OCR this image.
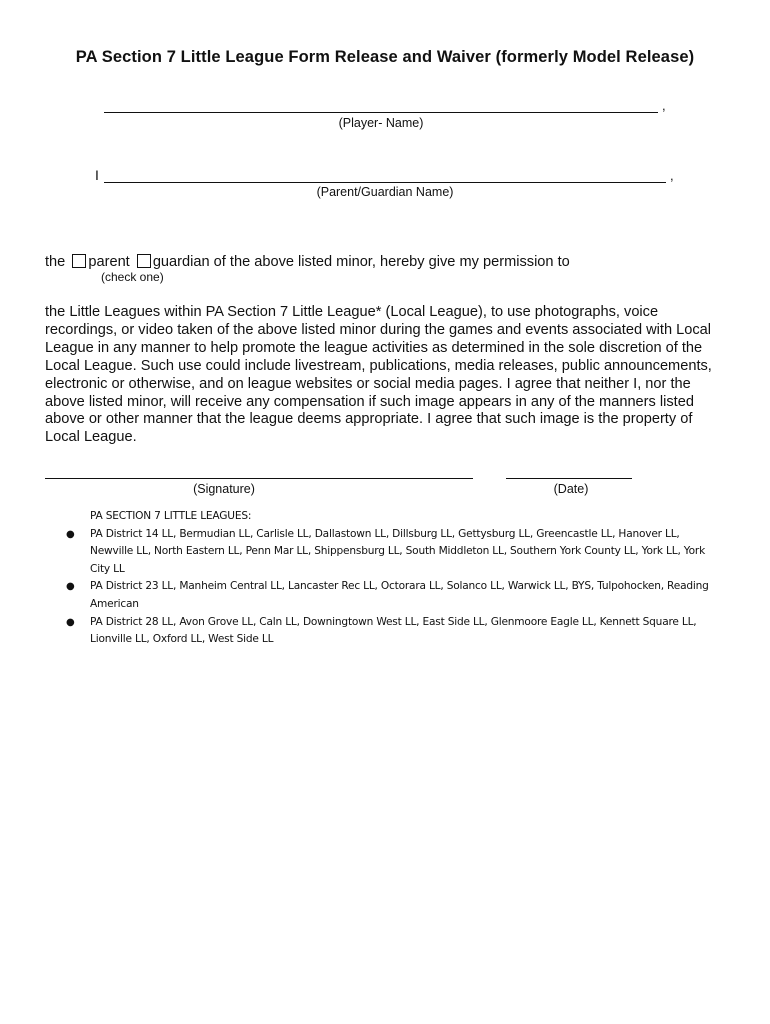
PA Section 7 Little League Form Release and Waiver (formerly Model Release)
,
(Player- Name)
I	,
(Parent/Guardian Name)
the parent guardian of the above listed minor, hereby give my permission to
(check one)
the Little Leagues within PA Section 7 Little League* (Local League), to use photographs, voice recordings, or video taken of the above listed minor during the games and events associated with Local League in any manner to help promote the league activities as determined in the sole discretion of the Local League. Such use could include livestream, publications, media releases, public announcements, electronic or otherwise, and on league websites or social media pages. I agree that neither I, nor the above listed minor, will receive any compensation if such image appears in any of the manners listed above or other manner that the league deems appropriate. I agree that such image is the property of Local League.
(Signature)	(Date)
PA SECTION 7 LITTLE LEAGUES:
● PA District 14 LL, Bermudian LL, Carlisle LL, Dallastown LL, Dillsburg LL, Gettysburg LL, Greencastle LL, Hanover LL, Newville LL, North Eastern LL, Penn Mar LL, Shippensburg LL, South Middleton LL, Southern York County LL, York LL, York City LL
● PA District 23 LL, Manheim Central LL, Lancaster Rec LL, Octorara LL, Solanco LL, Warwick LL, BYS, Tulpohocken, Reading American
● PA District 28 LL, Avon Grove LL, Caln LL, Downingtown West LL, East Side LL, Glenmoore Eagle LL, Kennett Square LL, Lionville LL, Oxford LL, West Side LL
